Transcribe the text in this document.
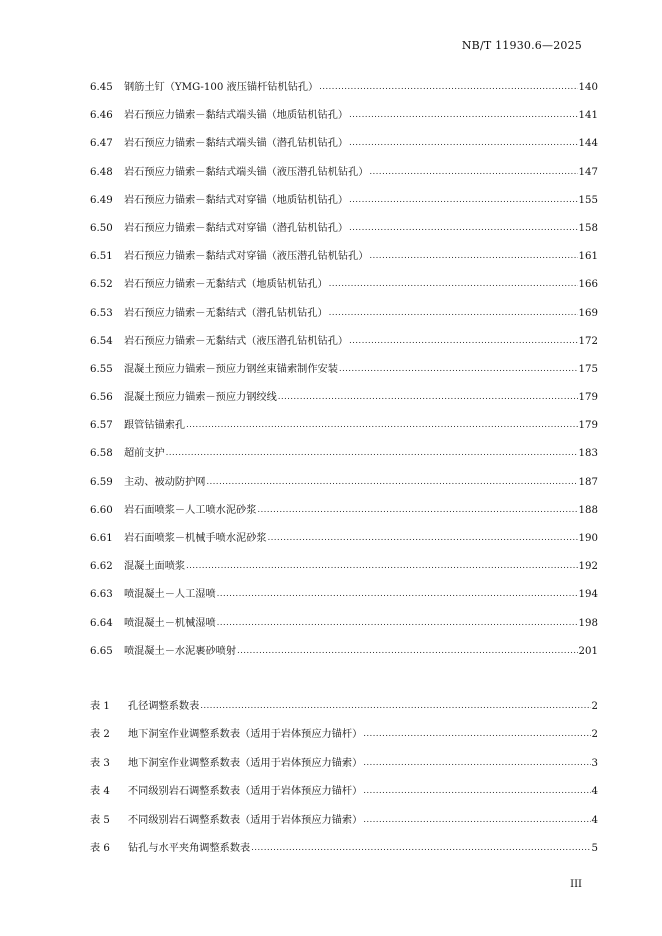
NB/T 11930.6—2025
6.45	钢筋土钉（YMG-100 液压锚杆钻机钻孔） .....	140
6.46	岩石预应力锚索－黏结式端头锚（地质钻机钻孔） .....	141
6.47	岩石预应力锚索－黏结式端头锚（潜孔钻机钻孔） .....	144
6.48	岩石预应力锚索－黏结式端头锚（液压潜孔钻机钻孔） .....	147
6.49	岩石预应力锚索－黏结式对穿锚（地质钻机钻孔） .....	155
6.50	岩石预应力锚索－黏结式对穿锚（潜孔钻机钻孔） .....	158
6.51	岩石预应力锚索－黏结式对穿锚（液压潜孔钻机钻孔） .....	161
6.52	岩石预应力锚索－无黏结式（地质钻机钻孔） .....	166
6.53	岩石预应力锚索－无黏结式（潜孔钻机钻孔） .....	169
6.54	岩石预应力锚索－无黏结式（液压潜孔钻机钻孔） .....	172
6.55	混凝土预应力锚索－预应力钢丝束锚索制作安装 .....	175
6.56	混凝土预应力锚索－预应力钢绞线 .....	179
6.57	跟管钻锚索孔 .....	179
6.58	超前支护 .....	183
6.59	主动、被动防护网 .....	187
6.60	岩石面喷浆－人工喷水泥砂浆 .....	188
6.61	岩石面喷浆－机械手喷水泥砂浆 .....	190
6.62	混凝土面喷浆 .....	192
6.63	喷混凝土－人工湿喷 .....	194
6.64	喷混凝土－机械湿喷 .....	198
6.65	喷混凝土－水泥裹砂喷射 .....	201
表 1	孔径调整系数表 .....	2
表 2	地下洞室作业调整系数表（适用于岩体预应力锚杆） .....	2
表 3	地下洞室作业调整系数表（适用于岩体预应力锚索） .....	3
表 4	不同级别岩石调整系数表（适用于岩体预应力锚杆） .....	4
表 5	不同级别岩石调整系数表（适用于岩体预应力锚索） .....	4
表 6	钻孔与水平夹角调整系数表 .....	5
III
